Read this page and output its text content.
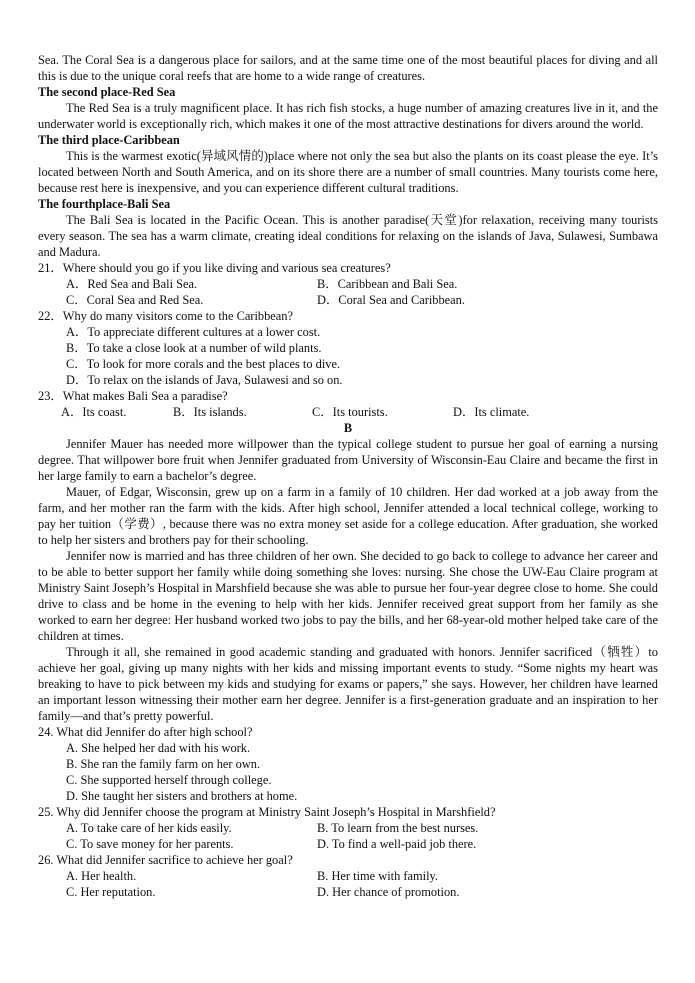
Sea. The Coral Sea is a dangerous place for sailors, and at the same time one of the most beautiful places for diving and all this is due to the unique coral reefs that are home to a wide range of creatures.

The second place-Red Sea

The Red Sea is a truly magnificent place. It has rich fish stocks, a huge number of amazing creatures live in it, and the underwater world is exceptionally rich, which makes it one of the most attractive destinations for divers around the world.

The third place-Caribbean

This is the warmest exotic(异域风情的)place where not only the sea but also the plants on its coast please the eye. It’s located between North and South America, and on its shore there are a number of small countries. Many tourists come here, because rest here is inexpensive, and you can experience different cultural traditions.

The fourthplace-Bali Sea

The Bali Sea is located in the Pacific Ocean. This is another paradise(天堂)for relaxation, receiving many tourists every season. The sea has a warm climate, creating ideal conditions for relaxing on the islands of Java, Sulawesi, Sumbawa and Madura.

21．Where should you go if you like diving and various sea creatures?
A．Red Sea and Bali Sea.	B．Caribbean and Bali Sea.
C．Coral Sea and Red Sea.	D．Coral Sea and Caribbean.
22．Why do many visitors come to the Caribbean?
A．To appreciate different cultures at a lower cost.
B．To take a close look at a number of wild plants.
C．To look for more corals and the best places to dive.
D．To relax on the islands of Java, Sulawesi and so on.
23．What makes Bali Sea a paradise?
A．Its coast.	B．Its islands.	C．Its tourists.	D．Its climate.
B

Jennifer Mauer has needed more willpower than the typical college student to pursue her goal of earning a nursing degree. That willpower bore fruit when Jennifer graduated from University of Wisconsin-Eau Claire and became the first in her large family to earn a bachelor’s degree.

Mauer, of Edgar, Wisconsin, grew up on a farm in a family of 10 children. Her dad worked at a job away from the farm, and her mother ran the farm with the kids. After high school, Jennifer attended a local technical college, working to pay her tuition（学费）, because there was no extra money set aside for a college education. After graduation, she worked to help her sisters and brothers pay for their schooling.

Jennifer now is married and has three children of her own. She decided to go back to college to advance her career and to be able to better support her family while doing something she loves: nursing. She chose the UW-Eau Claire program at Ministry Saint Joseph’s Hospital in Marshfield because she was able to pursue her four-year degree close to home. She could drive to class and be home in the evening to help with her kids. Jennifer received great support from her family as she worked to earn her degree: Her husband worked two jobs to pay the bills, and her 68-year-old mother helped take care of the children at times.

Through it all, she remained in good academic standing and graduated with honors. Jennifer sacrificed（牺牲）to achieve her goal, giving up many nights with her kids and missing important events to study. “Some nights my heart was breaking to have to pick between my kids and studying for exams or papers,” she says. However, her children have learned an important lesson witnessing their mother earn her degree. Jennifer is a first-generation graduate and an inspiration to her family—and that’s pretty powerful.

24. What did Jennifer do after high school?
A. She helped her dad with his work.
B. She ran the family farm on her own.
C. She supported herself through college.
D. She taught her sisters and brothers at home.
25. Why did Jennifer choose the program at Ministry Saint Joseph’s Hospital in Marshfield?
A. To take care of her kids easily.	B. To learn from the best nurses.
C. To save money for her parents.	D. To find a well-paid job there.
26. What did Jennifer sacrifice to achieve her goal?
A. Her health.	B. Her time with family.
C. Her reputation.	D. Her chance of promotion.
